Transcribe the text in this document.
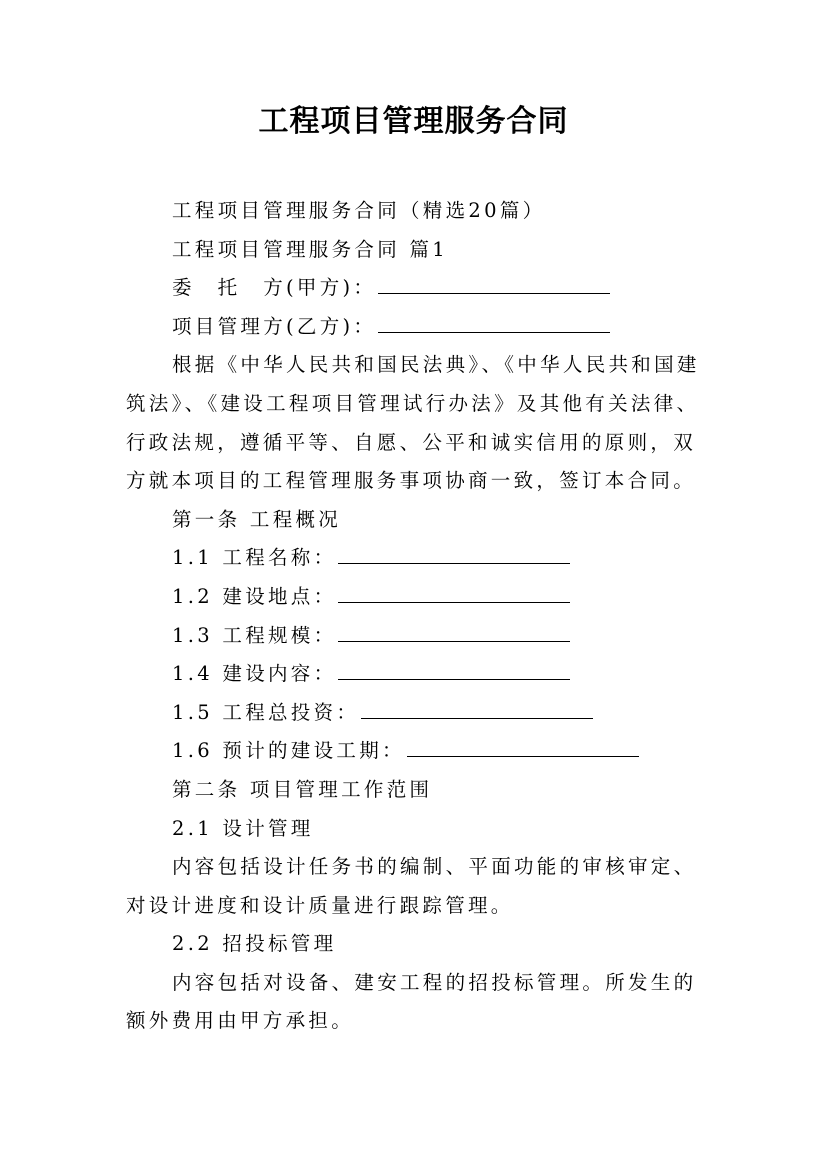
工程项目管理服务合同

工程项目管理服务合同（精选20篇）

工程项目管理服务合同 篇1

委　托　方(甲方)：

项目管理方(乙方)：

根据《中华人民共和国民法典》、《中华人民共和国建筑法》、《建设工程项目管理试行办法》及其他有关法律、行政法规，遵循平等、自愿、公平和诚实信用的原则，双方就本项目的工程管理服务事项协商一致，签订本合同。

第一条 工程概况

1.1 工程名称：

1.2 建设地点：

1.3 工程规模：

1.4 建设内容：

1.5 工程总投资：

1.6 预计的建设工期：

第二条 项目管理工作范围

2.1 设计管理

内容包括设计任务书的编制、平面功能的审核审定、对设计进度和设计质量进行跟踪管理。

2.2 招投标管理

内容包括对设备、建安工程的招投标管理。所发生的额外费用由甲方承担。
